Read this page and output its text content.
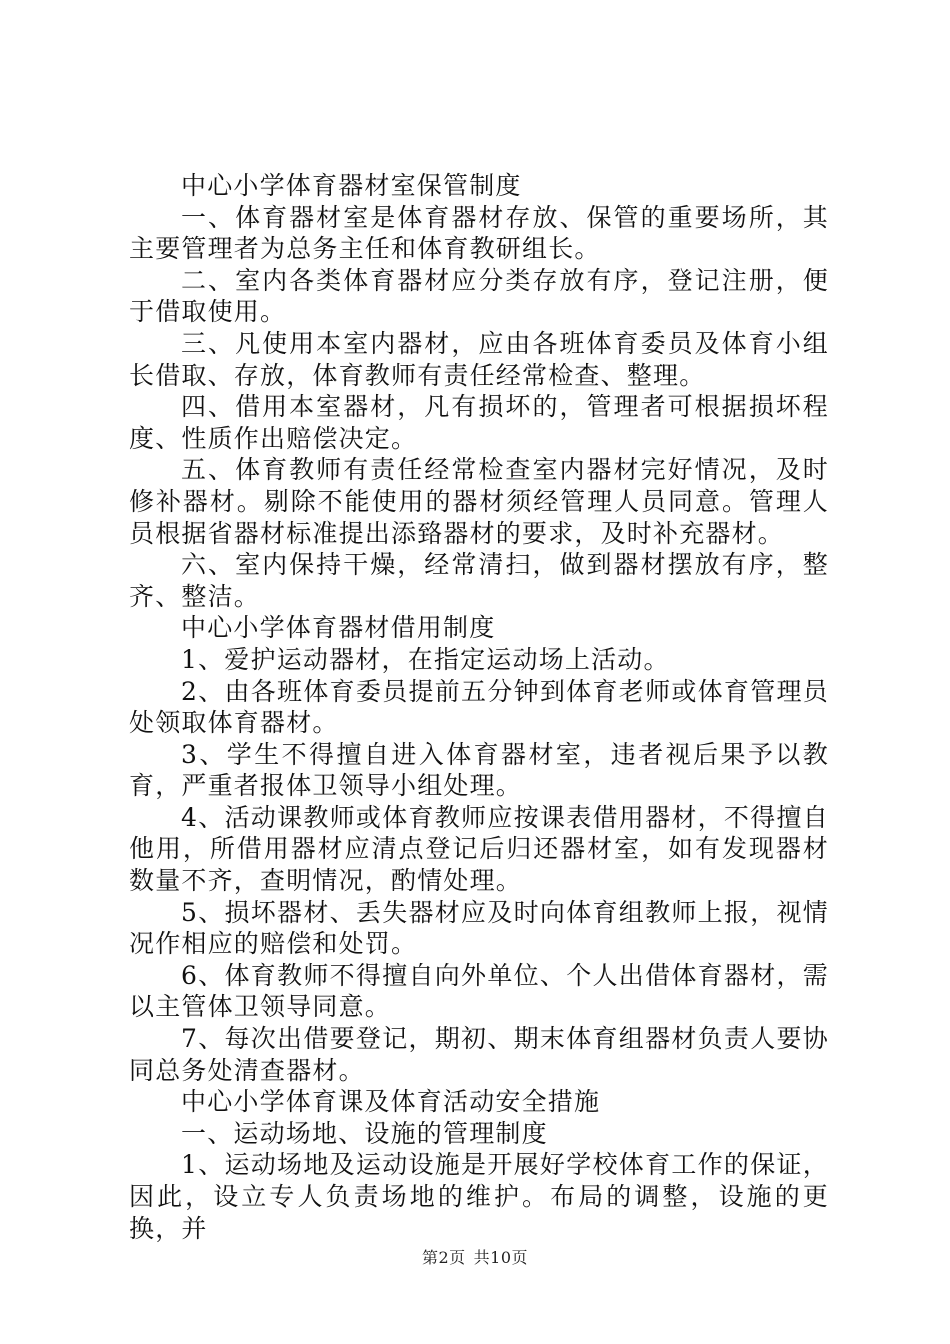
中心小学体育器材室保管制度

一、体育器材室是体育器材存放、保管的重要场所，其主要管理者为总务主任和体育教研组长。

二、室内各类体育器材应分类存放有序，登记注册，便于借取使用。

三、凡使用本室内器材，应由各班体育委员及体育小组长借取、存放，体育教师有责任经常检查、整理。

四、借用本室器材，凡有损坏的，管理者可根据损坏程度、性质作出赔偿决定。

五、体育教师有责任经常检查室内器材完好情况，及时修补器材。剔除不能使用的器材须经管理人员同意。管理人员根据省器材标准提出添臵器材的要求，及时补充器材。

六、室内保持干燥，经常清扫，做到器材摆放有序，整齐、整洁。

中心小学体育器材借用制度

1、爱护运动器材，在指定运动场上活动。

2、由各班体育委员提前五分钟到体育老师或体育管理员处领取体育器材。

3、学生不得擅自进入体育器材室，违者视后果予以教育，严重者报体卫领导小组处理。

4、活动课教师或体育教师应按课表借用器材，不得擅自他用，所借用器材应清点登记后归还器材室，如有发现器材数量不齐，查明情况，酌情处理。

5、损坏器材、丢失器材应及时向体育组教师上报，视情况作相应的赔偿和处罚。

6、体育教师不得擅自向外单位、个人出借体育器材，需以主管体卫领导同意。

7、每次出借要登记，期初、期末体育组器材负责人要协同总务处清查器材。

中心小学体育课及体育活动安全措施

一、运动场地、设施的管理制度

1、运动场地及运动设施是开展好学校体育工作的保证，因此，设立专人负责场地的维护。布局的调整，设施的更换，并

第2页 共10页
